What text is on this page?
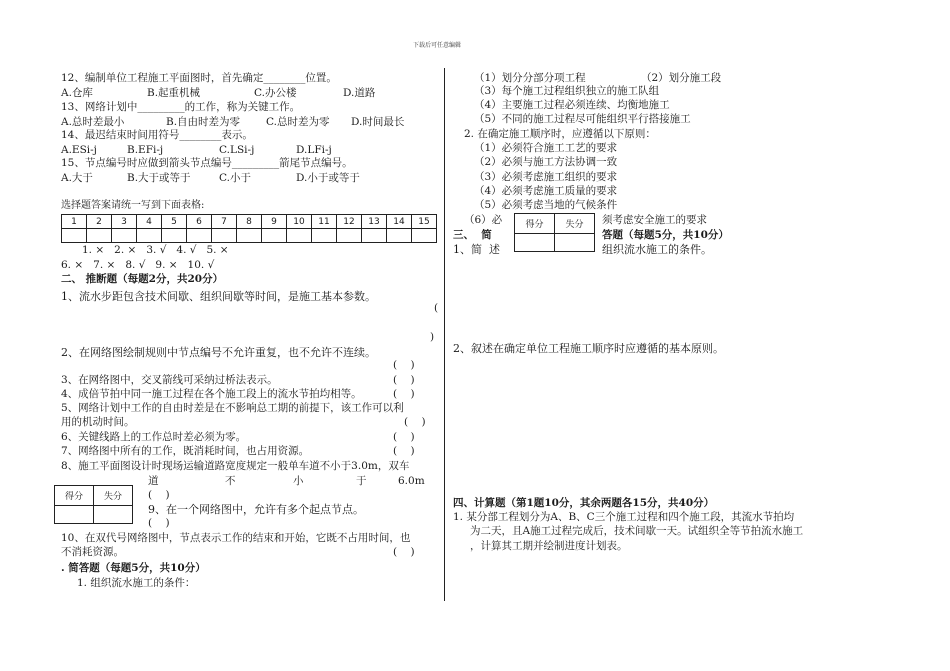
下载后可任意编辑
12、编制单位工程施工平面图时，首先确定________位置。
A.仓库	B.起重机械	C.办公楼	D.道路
13、网络计划中_________的工作，称为关键工作。
A.总时差最小	B.自由时差为零 C.总时差为零 D.时间最长
14、最迟结束时间用符号________表示。
A.ESi-j	B.EFi-j	C.LSi-j	D.LFi-j
15、节点编号时应做到箭头节点编号_________箭尾节点编号。
A.大于	B.大于或等于	C.小于	D.小于或等于
选择题答案请统一写到下面表格:
1	2	3	4	5	6	7	8	9	10	11	12	13	14	15

1. ×   2. ×   3. √   4. √   5. ×
6. ×   7. ×   8. √   9. ×   10. √
二、 推断题（每题2分，共20分）
1、流水步距包含技术间歇、组织间歇等时间，是施工基本参数。
(
)
2、在网络图绘制规则中节点编号不允许重复，也不允许不连续。
(    )
3、在网络图中，交叉箭线可采纳过桥法表示。	(    )
4、成倍节拍中同一施工过程在各个施工段上的流水节拍均相等。	(    )
5、网络计划中工作的自由时差是在不影响总工期的前提下，该工作可以利
用的机动时间。	(    )
6、关键线路上的工作总时差必须为零。	(    )
7、网络图中所有的工作，既消耗时间，也占用资源。	(    )
8、施工平面图设计时现场运输道路宽度规定一般单车道不小于3.0m，双车
道	不	小	于	6.0m
(    )
得分	失分

9、在一个网络图中，允许有多个起点节点。
(    )
10、在双代号网络图中，节点表示工作的结束和开始，它既不占用时间，也
不消耗资源。	(    )
. 简答题（每题5分，共10分）
1. 组织流水施工的条件：
（1）划分分部分项工程	（2）划分施工段
（3）每个施工过程组织独立的施工队组
（4）主要施工过程必须连续、均衡地施工
（5）不同的施工过程尽可能组织平行搭接施工
2. 在确定施工顺序时，应遵循以下原则：
（1）必须符合施工工艺的要求
（2）必须与施工方法协调一致
（3）必须考虑施工组织的要求
（4）必须考虑施工质量的要求
（5）必须考虑当地的气候条件
（6）必	须考虑安全施工的要求
得分	失分

三、  简	答题（每题5分，共10分）
1、简  述	组织流水施工的条件。
2、叙述在确定单位工程施工顺序时应遵循的基本原则。
四、计算题（第1题10分，其余两题各15分，共40分）
1. 某分部工程划分为A、B、C三个施工过程和四个施工段，其流水节拍均
为二天，且A施工过程完成后，技术间歇一天。试组织全等节拍流水施工
，计算其工期并绘制进度计划表。
